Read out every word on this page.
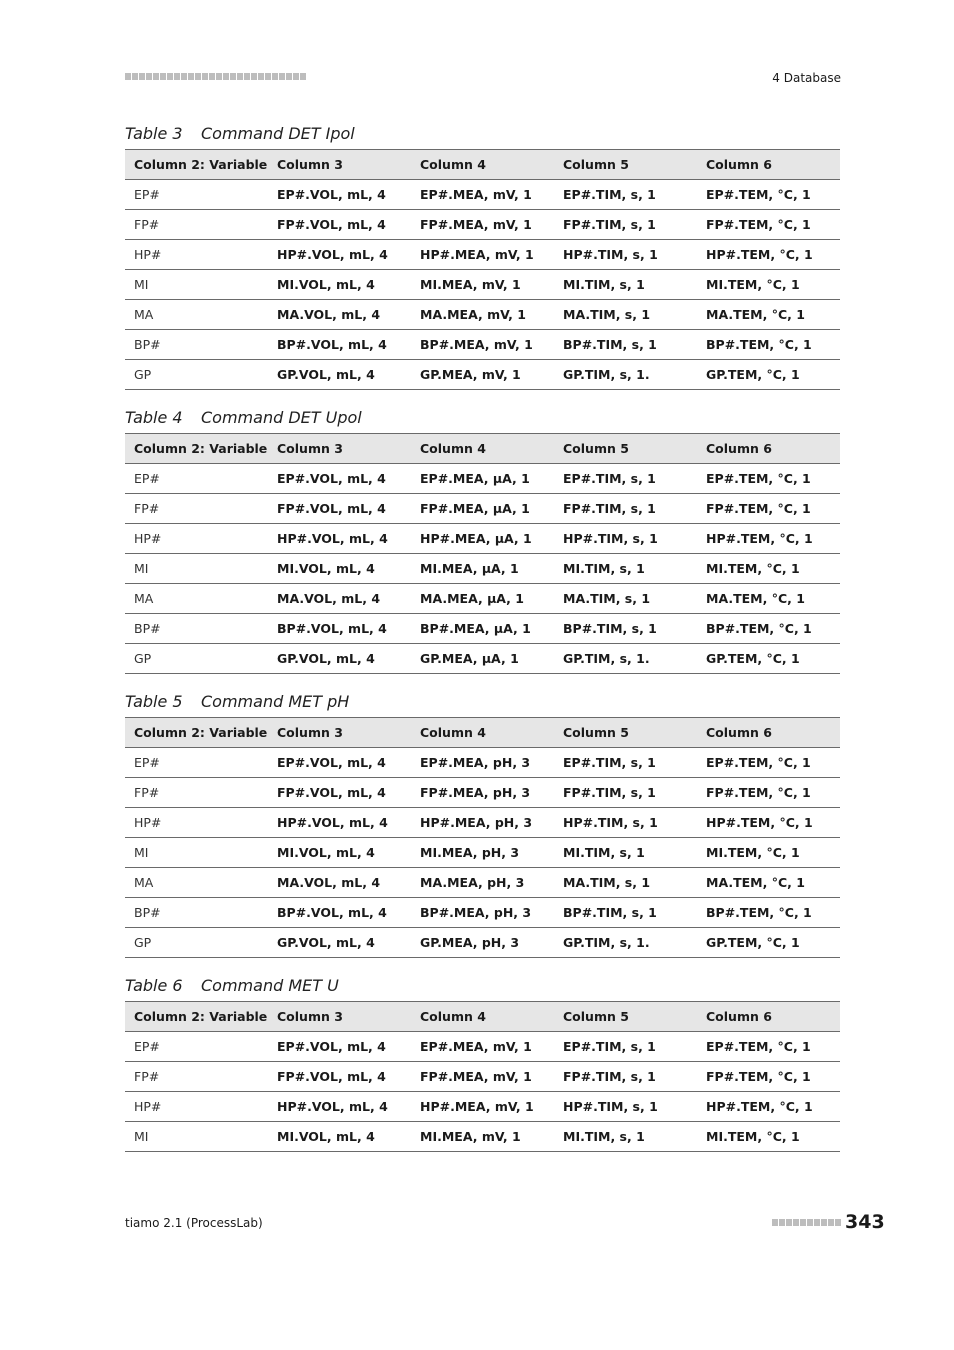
4 Database
Table 3 Command DET Ipol
Column 2: Variable	Column 3	Column 4	Column 5	Column 6
EP#	EP#.VOL, mL, 4	EP#.MEA, mV, 1	EP#.TIM, s, 1	EP#.TEM, °C, 1
FP#	FP#.VOL, mL, 4	FP#.MEA, mV, 1	FP#.TIM, s, 1	FP#.TEM, °C, 1
HP#	HP#.VOL, mL, 4	HP#.MEA, mV, 1	HP#.TIM, s, 1	HP#.TEM, °C, 1
MI	MI.VOL, mL, 4	MI.MEA, mV, 1	MI.TIM, s, 1	MI.TEM, °C, 1
MA	MA.VOL, mL, 4	MA.MEA, mV, 1	MA.TIM, s, 1	MA.TEM, °C, 1
BP#	BP#.VOL, mL, 4	BP#.MEA, mV, 1	BP#.TIM, s, 1	BP#.TEM, °C, 1
GP	GP.VOL, mL, 4	GP.MEA, mV, 1	GP.TIM, s, 1.	GP.TEM, °C, 1
Table 4 Command DET Upol
Column 2: Variable	Column 3	Column 4	Column 5	Column 6
EP#	EP#.VOL, mL, 4	EP#.MEA, µA, 1	EP#.TIM, s, 1	EP#.TEM, °C, 1
FP#	FP#.VOL, mL, 4	FP#.MEA, µA, 1	FP#.TIM, s, 1	FP#.TEM, °C, 1
HP#	HP#.VOL, mL, 4	HP#.MEA, µA, 1	HP#.TIM, s, 1	HP#.TEM, °C, 1
MI	MI.VOL, mL, 4	MI.MEA, µA, 1	MI.TIM, s, 1	MI.TEM, °C, 1
MA	MA.VOL, mL, 4	MA.MEA, µA, 1	MA.TIM, s, 1	MA.TEM, °C, 1
BP#	BP#.VOL, mL, 4	BP#.MEA, µA, 1	BP#.TIM, s, 1	BP#.TEM, °C, 1
GP	GP.VOL, mL, 4	GP.MEA, µA, 1	GP.TIM, s, 1.	GP.TEM, °C, 1
Table 5 Command MET pH
Column 2: Variable	Column 3	Column 4	Column 5	Column 6
EP#	EP#.VOL, mL, 4	EP#.MEA, pH, 3	EP#.TIM, s, 1	EP#.TEM, °C, 1
FP#	FP#.VOL, mL, 4	FP#.MEA, pH, 3	FP#.TIM, s, 1	FP#.TEM, °C, 1
HP#	HP#.VOL, mL, 4	HP#.MEA, pH, 3	HP#.TIM, s, 1	HP#.TEM, °C, 1
MI	MI.VOL, mL, 4	MI.MEA, pH, 3	MI.TIM, s, 1	MI.TEM, °C, 1
MA	MA.VOL, mL, 4	MA.MEA, pH, 3	MA.TIM, s, 1	MA.TEM, °C, 1
BP#	BP#.VOL, mL, 4	BP#.MEA, pH, 3	BP#.TIM, s, 1	BP#.TEM, °C, 1
GP	GP.VOL, mL, 4	GP.MEA, pH, 3	GP.TIM, s, 1.	GP.TEM, °C, 1
Table 6 Command MET U
Column 2: Variable	Column 3	Column 4	Column 5	Column 6
EP#	EP#.VOL, mL, 4	EP#.MEA, mV, 1	EP#.TIM, s, 1	EP#.TEM, °C, 1
FP#	FP#.VOL, mL, 4	FP#.MEA, mV, 1	FP#.TIM, s, 1	FP#.TEM, °C, 1
HP#	HP#.VOL, mL, 4	HP#.MEA, mV, 1	HP#.TIM, s, 1	HP#.TEM, °C, 1
MI	MI.VOL, mL, 4	MI.MEA, mV, 1	MI.TIM, s, 1	MI.TEM, °C, 1
tiamo 2.1 (ProcessLab)	343
